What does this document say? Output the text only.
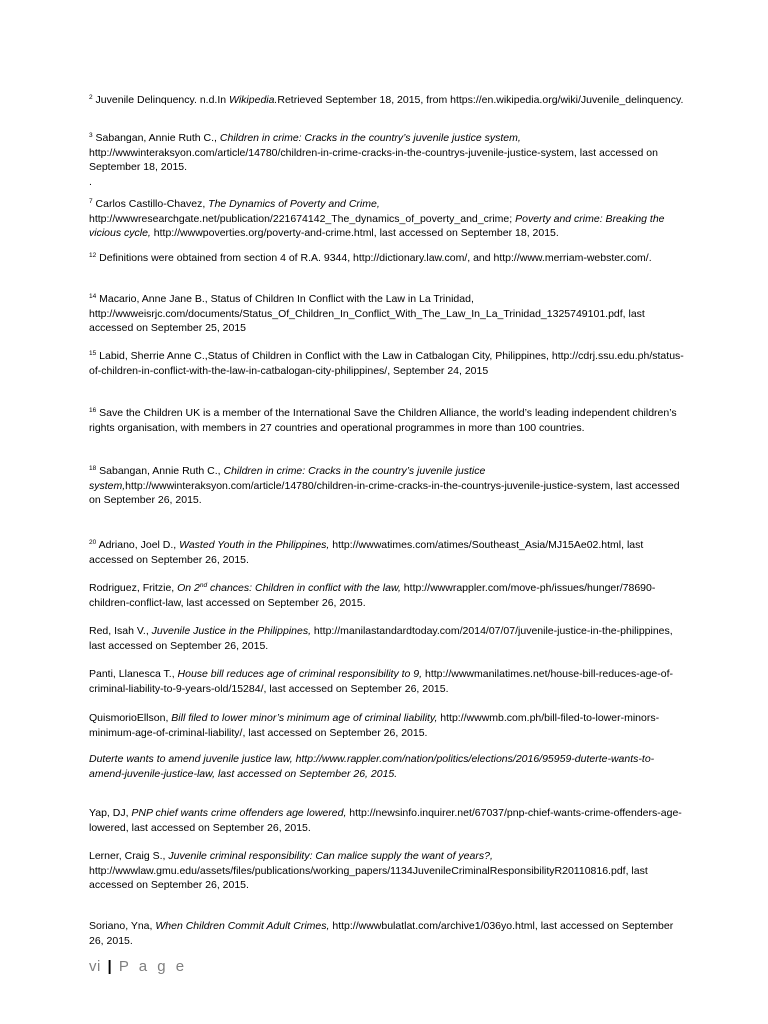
$^2$ Juvenile Delinquency. n.d.In Wikipedia.Retrieved September 18, 2015, from https://en.wikipedia.org/wiki/Juvenile_delinquency.
$^3$ Sabangan, Annie Ruth C., Children in crime: Cracks in the country’s juvenile justice system, http://wwwinteraksyon.com/article/14780/children-in-crime-cracks-in-the-countrys-juvenile-justice-system, last accessed on September 18, 2015.
.
$^7$ Carlos Castillo-Chavez, The Dynamics of Poverty and Crime, http://wwwresearchgate.net/publication/221674142_The_dynamics_of_poverty_and_crime; Poverty and crime: Breaking the vicious cycle, http://wwwpoverties.org/poverty-and-crime.html, last accessed on September 18, 2015.
$^{12}$ Definitions were obtained from section 4 of R.A. 9344, http://dictionary.law.com/, and http://www.merriam-webster.com/.
$^{14}$ Macario, Anne Jane B., Status of Children In Conflict with the Law in La Trinidad, http://wwweisrjc.com/documents/Status_Of_Children_In_Conflict_With_The_Law_In_La_Trinidad_1325749101.pdf, last accessed on September 25, 2015
$^{15}$ Labid, Sherrie Anne C.,Status of Children in Conflict with the Law in Catbalogan City, Philippines, http://cdrj.ssu.edu.ph/status-of-children-in-conflict-with-the-law-in-catbalogan-city-philippines/, September 24, 2015
$^{16}$ Save the Children UK is a member of the International Save the Children Alliance, the world’s leading independent children’s rights organisation, with members in 27 countries and operational programmes in more than 100 countries.
$^{18}$ Sabangan, Annie Ruth C., Children in crime: Cracks in the country’s juvenile justice system,http://wwwinteraksyon.com/article/14780/children-in-crime-cracks-in-the-countrys-juvenile-justice-system, last accessed on September 26, 2015.
$^{20}$ Adriano, Joel D., Wasted Youth in the Philippines, http://wwwatimes.com/atimes/Southeast_Asia/MJ15Ae02.html, last accessed on September 26, 2015.
Rodriguez, Fritzie, On 2nd chances: Children in conflict with the law, http://wwwrappler.com/move-ph/issues/hunger/78690-children-conflict-law, last accessed on September 26, 2015.
Red, Isah V., Juvenile Justice in the Philippines, http://manilastandardtoday.com/2014/07/07/juvenile-justice-in-the-philippines, last accessed on September 26, 2015.
Panti, Llanesca T., House bill reduces age of criminal responsibility to 9, http://wwwmanilatimes.net/house-bill-reduces-age-of-criminal-liability-to-9-years-old/15284/, last accessed on September 26, 2015.
QuismorioEllson, Bill filed to lower minor’s minimum age of criminal liability, http://wwwmb.com.ph/bill-filed-to-lower-minors-minimum-age-of-criminal-liability/, last accessed on September 26, 2015.
Duterte wants to amend juvenile justice law, http://www.rappler.com/nation/politics/elections/2016/95959-duterte-wants-to-amend-juvenile-justice-law, last accessed on September 26, 2015.
Yap, DJ, PNP chief wants crime offenders age lowered, http://newsinfo.inquirer.net/67037/pnp-chief-wants-crime-offenders-age-lowered, last accessed on September 26, 2015.
Lerner, Craig S., Juvenile criminal responsibility: Can malice supply the want of years?, http://wwwlaw.gmu.edu/assets/files/publications/working_papers/1134JuvenileCriminalResponsibilityR20110816.pdf, last accessed on September 26, 2015.
Soriano, Yna, When Children Commit Adult Crimes, http://wwwbulatlat.com/archive1/036yo.html, last accessed on September 26, 2015.
vi | P a g e
